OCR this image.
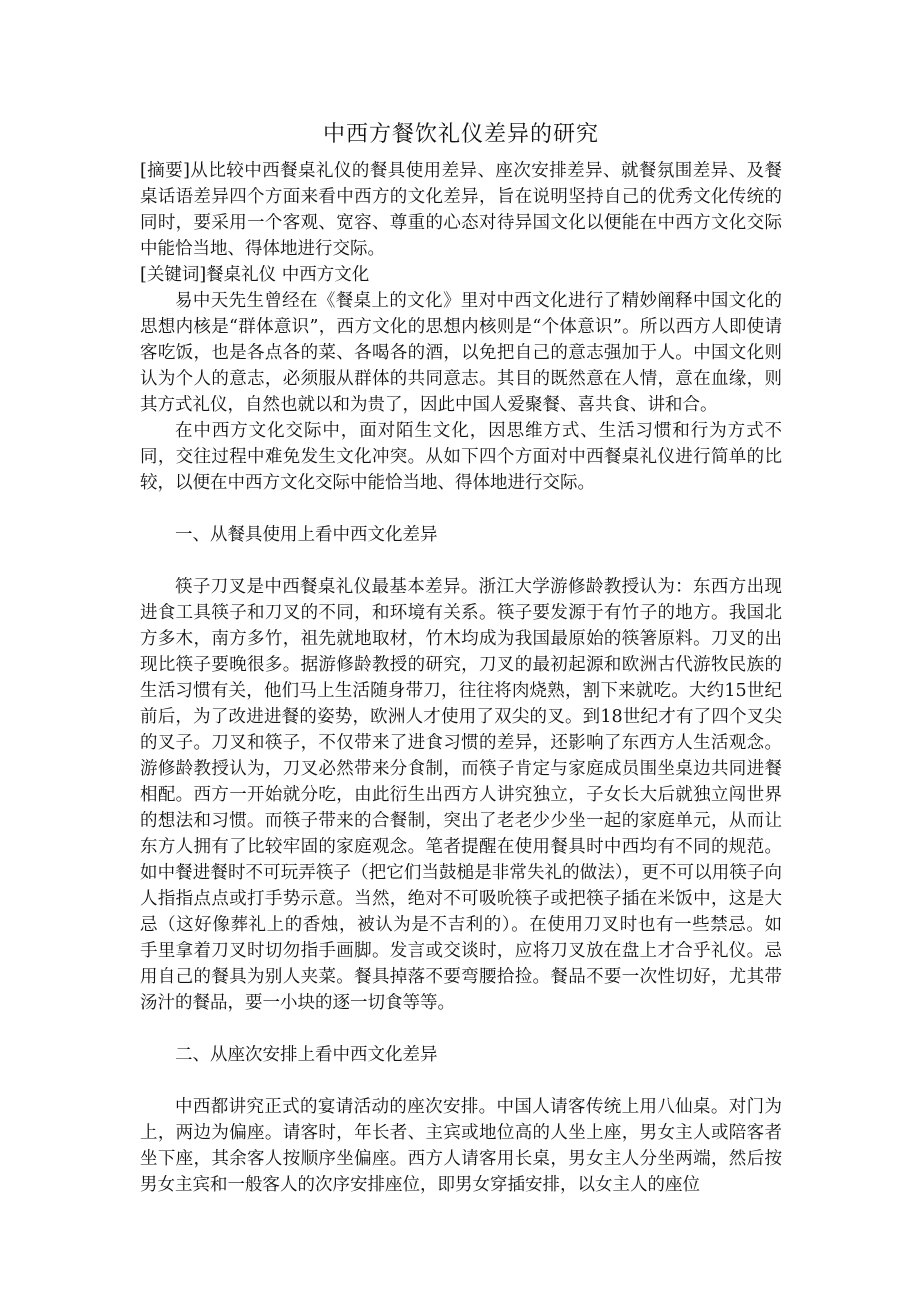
中西方餐饮礼仪差异的研究

[摘要]从比较中西餐桌礼仪的餐具使用差异、座次安排差异、就餐氛围差异、及餐桌话语差异四个方面来看中西方的文化差异，旨在说明坚持自己的优秀文化传统的同时，要采用一个客观、宽容、尊重的心态对待异国文化以便能在中西方文化交际中能恰当地、得体地进行交际。

[关键词]餐桌礼仪 中西方文化

易中天先生曾经在《餐桌上的文化》里对中西文化进行了精妙阐释中国文化的思想内核是“群体意识”，西方文化的思想内核则是“个体意识”。所以西方人即使请客吃饭，也是各点各的菜、各喝各的酒，以免把自己的意志强加于人。中国文化则认为个人的意志，必须服从群体的共同意志。其目的既然意在人情，意在血缘，则其方式礼仪，自然也就以和为贵了，因此中国人爱聚餐、喜共食、讲和合。

在中西方文化交际中，面对陌生文化，因思维方式、生活习惯和行为方式不同，交往过程中难免发生文化冲突。从如下四个方面对中西餐桌礼仪进行简单的比较，以便在中西方文化交际中能恰当地、得体地进行交际。

一、从餐具使用上看中西文化差异

筷子刀叉是中西餐桌礼仪最基本差异。浙江大学游修龄教授认为：东西方出现进食工具筷子和刀叉的不同，和环境有关系。筷子要发源于有竹子的地方。我国北方多木，南方多竹，祖先就地取材，竹木均成为我国最原始的筷箸原料。刀叉的出现比筷子要晚很多。据游修龄教授的研究，刀叉的最初起源和欧洲古代游牧民族的生活习惯有关，他们马上生活随身带刀，往往将肉烧熟，割下来就吃。大约15世纪前后，为了改进进餐的姿势，欧洲人才使用了双尖的叉。到18世纪才有了四个叉尖的叉子。刀叉和筷子，不仅带来了进食习惯的差异，还影响了东西方人生活观念。游修龄教授认为，刀叉必然带来分食制，而筷子肯定与家庭成员围坐桌边共同进餐相配。西方一开始就分吃，由此衍生出西方人讲究独立，子女长大后就独立闯世界的想法和习惯。而筷子带来的合餐制，突出了老老少少坐一起的家庭单元，从而让东方人拥有了比较牢固的家庭观念。笔者提醒在使用餐具时中西均有不同的规范。如中餐进餐时不可玩弄筷子（把它们当鼓槌是非常失礼的做法），更不可以用筷子向人指指点点或打手势示意。当然，绝对不可吸吮筷子或把筷子插在米饭中，这是大忌（这好像葬礼上的香烛，被认为是不吉利的）。在使用刀叉时也有一些禁忌。如 手里拿着刀叉时切勿指手画脚。发言或交谈时，应将刀叉放在盘上才合乎礼仪。忌用自己的餐具为别人夹菜。餐具掉落不要弯腰拾捡。餐品不要一次性切好，尤其带汤汁的餐品，要一小块的逐一切食等等。

二、从座次安排上看中西文化差异

中西都讲究正式的宴请活动的座次安排。中国人请客传统上用八仙桌。对门为上，两边为偏座。请客时，年长者、主宾或地位高的人坐上座，男女主人或陪客者坐下座，其余客人按顺序坐偏座。西方人请客用长桌，男女主人分坐两端，然后按男女主宾和一般客人的次序安排座位，即男女穿插安排，以女主人的座位
